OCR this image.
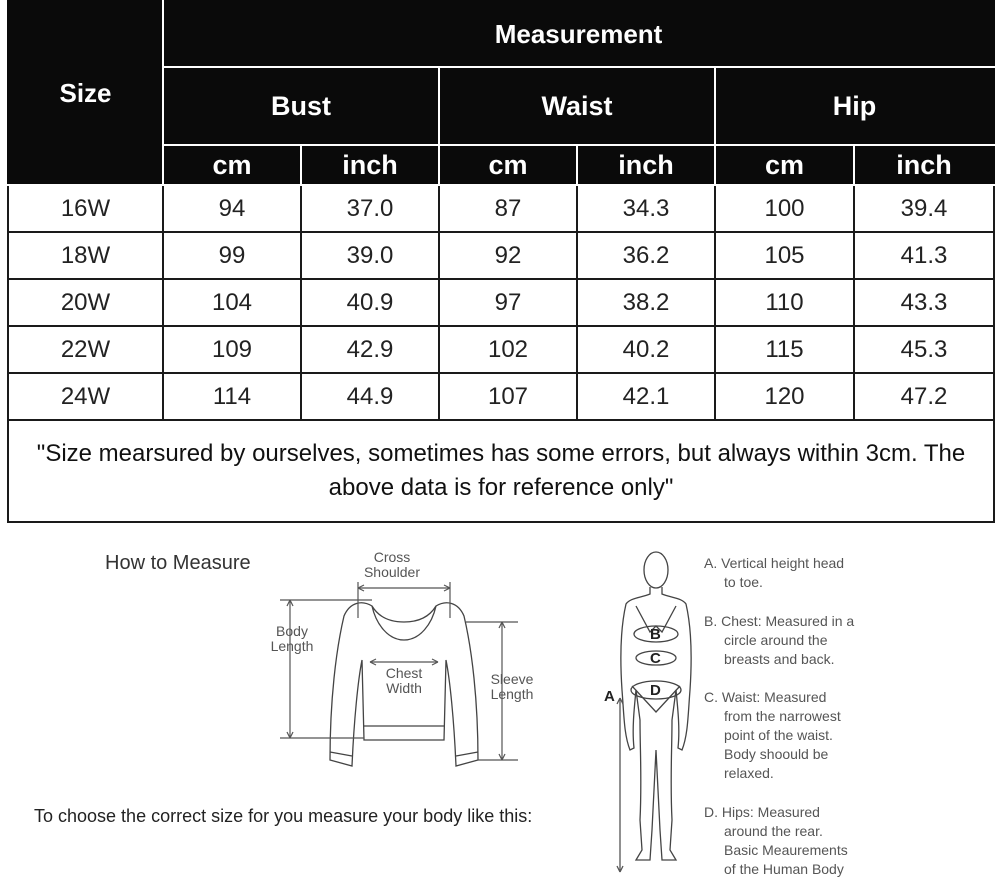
Size	Measurement					
	Bust		Waist		Hip	
	cm	inch	cm	inch	cm	inch
16W	94	37.0	87	34.3	100	39.4
18W	99	39.0	92	36.2	105	41.3
20W	104	40.9	97	38.2	110	43.3
22W	109	42.9	102	40.2	115	45.3
24W	114	44.9	107	42.1	120	47.2
"Size mearsured by ourselves, sometimes has some errors, but always within 3cm. The above data is for reference only"						
How to Measure	Cross
Shoulder
Body
Length
Chest
Width
Sleeve
Length
B
C
A D
To choose the correct size for you measure your body like this:
A. Vertical height head
to toe.
B. Chest: Measured in a
circle around the
breasts and back.
C. Waist: Measured
from the narrowest
point of the waist.
Body shoould be
relaxed.
D. Hips: Measured
around the rear.
Basic Meaurements
of the Human Body
